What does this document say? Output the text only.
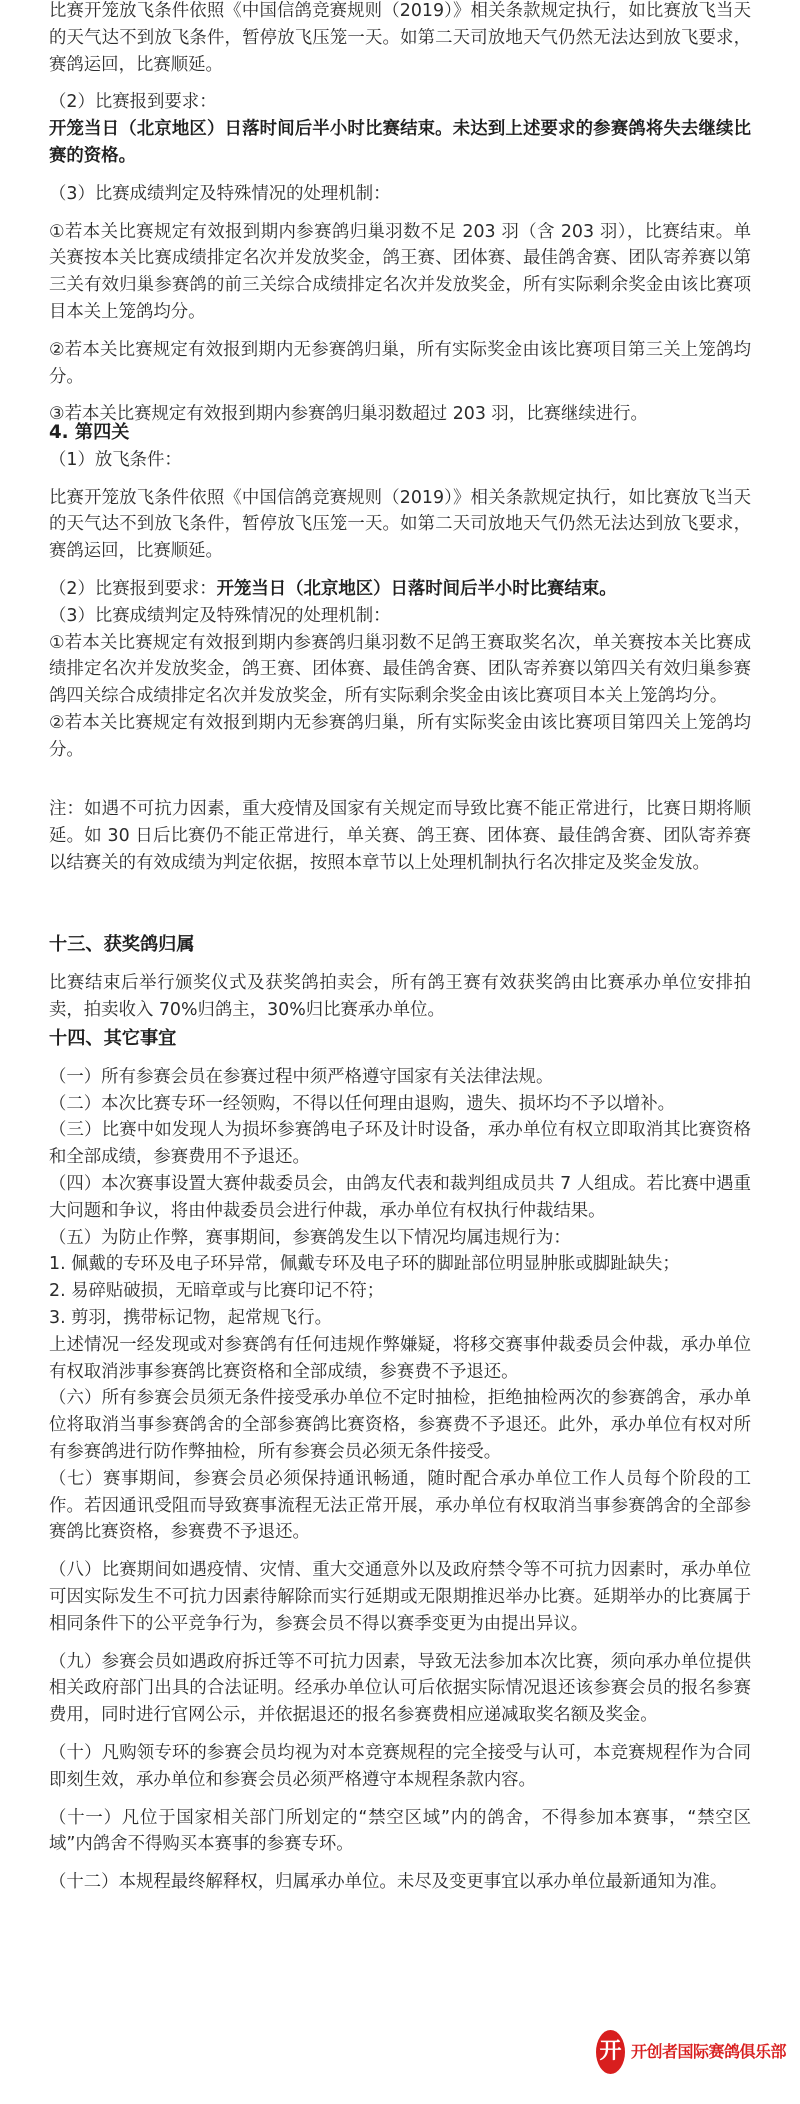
比赛开笼放飞条件依照《中国信鸽竞赛规则（2019）》相关条款规定执行，如比赛放飞当天的天气达不到放飞条件，暂停放飞压笼一天。如第二天司放地天气仍然无法达到放飞要求，赛鸽运回，比赛顺延。

（2）比赛报到要求：

开笼当日（北京地区）日落时间后半小时比赛结束。未达到上述要求的参赛鸽将失去继续比赛的资格。

（3）比赛成绩判定及特殊情况的处理机制：

①若本关比赛规定有效报到期内参赛鸽归巢羽数不足 203 羽（含 203 羽），比赛结束。单关赛按本关比赛成绩排定名次并发放奖金，鸽王赛、团体赛、最佳鸽舍赛、团队寄养赛以第三关有效归巢参赛鸽的前三关综合成绩排定名次并发放奖金，所有实际剩余奖金由该比赛项目本关上笼鸽均分。

②若本关比赛规定有效报到期内无参赛鸽归巢，所有实际奖金由该比赛项目第三关上笼鸽均分。

③若本关比赛规定有效报到期内参赛鸽归巢羽数超过 203 羽，比赛继续进行。

4. 第四关

（1）放飞条件：

比赛开笼放飞条件依照《中国信鸽竞赛规则（2019）》相关条款规定执行，如比赛放飞当天的天气达不到放飞条件，暂停放飞压笼一天。如第二天司放地天气仍然无法达到放飞要求，赛鸽运回，比赛顺延。

（2）比赛报到要求：开笼当日（北京地区）日落时间后半小时比赛结束。

（3）比赛成绩判定及特殊情况的处理机制：

①若本关比赛规定有效报到期内参赛鸽归巢羽数不足鸽王赛取奖名次，单关赛按本关比赛成绩排定名次并发放奖金，鸽王赛、团体赛、最佳鸽舍赛、团队寄养赛以第四关有效归巢参赛鸽四关综合成绩排定名次并发放奖金，所有实际剩余奖金由该比赛项目本关上笼鸽均分。

②若本关比赛规定有效报到期内无参赛鸽归巢，所有实际奖金由该比赛项目第四关上笼鸽均分。

注：如遇不可抗力因素，重大疫情及国家有关规定而导致比赛不能正常进行，比赛日期将顺延。如 30 日后比赛仍不能正常进行，单关赛、鸽王赛、团体赛、最佳鸽舍赛、团队寄养赛以结赛关的有效成绩为判定依据，按照本章节以上处理机制执行名次排定及奖金发放。

十三、获奖鸽归属

比赛结束后举行颁奖仪式及获奖鸽拍卖会，所有鸽王赛有效获奖鸽由比赛承办单位安排拍卖，拍卖收入 70%归鸽主，30%归比赛承办单位。

十四、其它事宜

（一）所有参赛会员在参赛过程中须严格遵守国家有关法律法规。

（二）本次比赛专环一经领购，不得以任何理由退购，遗失、损坏均不予以增补。

（三）比赛中如发现人为损坏参赛鸽电子环及计时设备，承办单位有权立即取消其比赛资格和全部成绩，参赛费用不予退还。

（四）本次赛事设置大赛仲裁委员会，由鸽友代表和裁判组成员共 7 人组成。若比赛中遇重大问题和争议，将由仲裁委员会进行仲裁，承办单位有权执行仲裁结果。

（五）为防止作弊，赛事期间，参赛鸽发生以下情况均属违规行为：

1. 佩戴的专环及电子环异常，佩戴专环及电子环的脚趾部位明显肿胀或脚趾缺失；

2. 易碎贴破损，无暗章或与比赛印记不符；

3. 剪羽，携带标记物，起常规飞行。

上述情况一经发现或对参赛鸽有任何违规作弊嫌疑，将移交赛事仲裁委员会仲裁，承办单位有权取消涉事参赛鸽比赛资格和全部成绩，参赛费不予退还。

（六）所有参赛会员须无条件接受承办单位不定时抽检，拒绝抽检两次的参赛鸽舍，承办单位将取消当事参赛鸽舍的全部参赛鸽比赛资格，参赛费不予退还。此外，承办单位有权对所有参赛鸽进行防作弊抽检，所有参赛会员必须无条件接受。

（七）赛事期间，参赛会员必须保持通讯畅通，随时配合承办单位工作人员每个阶段的工作。若因通讯受阻而导致赛事流程无法正常开展，承办单位有权取消当事参赛鸽舍的全部参赛鸽比赛资格，参赛费不予退还。

（八）比赛期间如遇疫情、灾情、重大交通意外以及政府禁令等不可抗力因素时，承办单位可因实际发生不可抗力因素待解除而实行延期或无限期推迟举办比赛。延期举办的比赛属于相同条件下的公平竞争行为，参赛会员不得以赛季变更为由提出异议。

（九）参赛会员如遇政府拆迁等不可抗力因素，导致无法参加本次比赛，须向承办单位提供相关政府部门出具的合法证明。经承办单位认可后依据实际情况退还该参赛会员的报名参赛费用，同时进行官网公示，并依据退还的报名参赛费相应递减取奖名额及奖金。

（十）凡购领专环的参赛会员均视为对本竞赛规程的完全接受与认可，本竞赛规程作为合同即刻生效，承办单位和参赛会员必须严格遵守本规程条款内容。

（十一）凡位于国家相关部门所划定的“禁空区域”内的鸽舍，不得参加本赛事，“禁空区域”内鸽舍不得购买本赛事的参赛专环。

（十二）本规程最终解释权，归属承办单位。未尽及变更事宜以承办单位最新通知为准。

开 开创者国际赛鸽俱乐部
